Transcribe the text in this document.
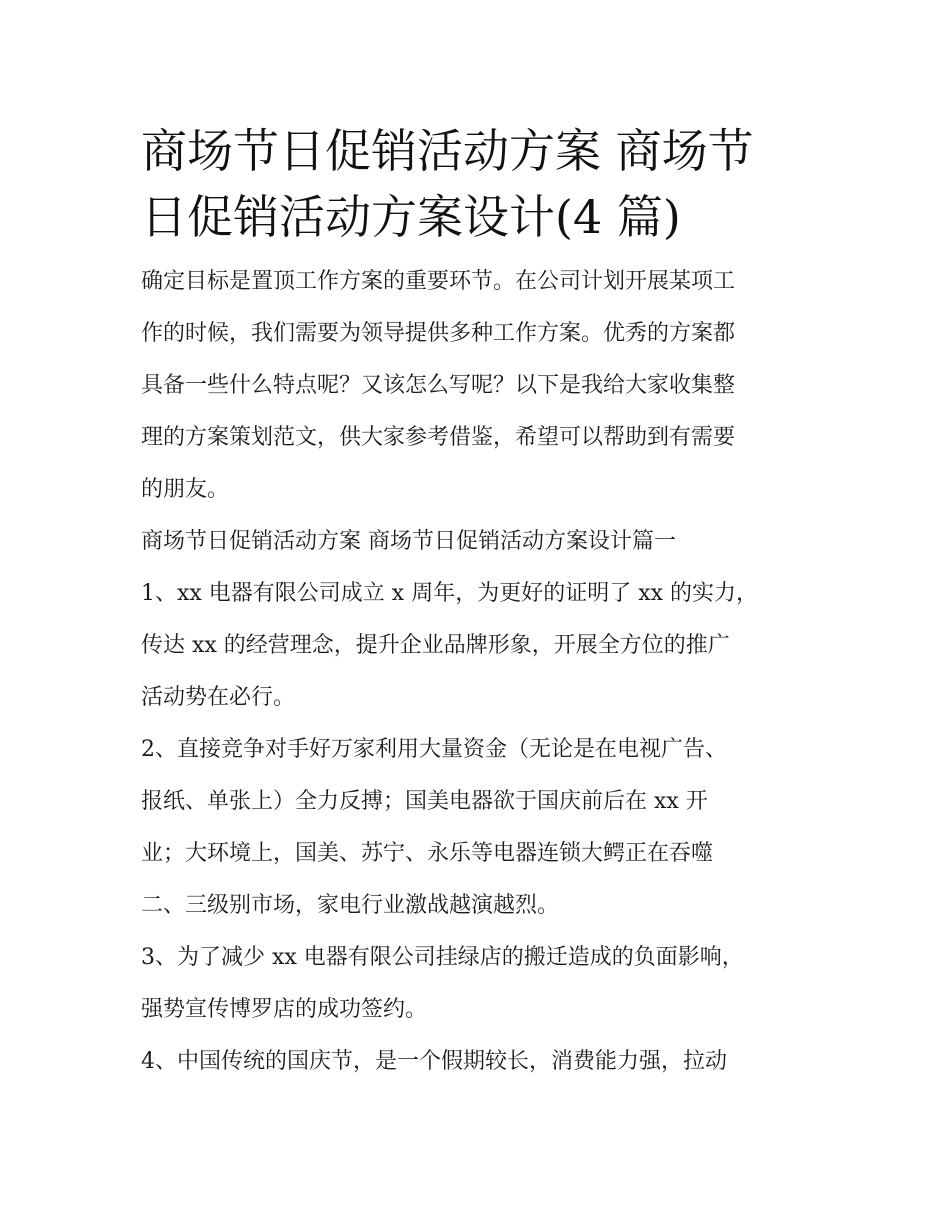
商场节日促销活动方案 商场节
日促销活动方案设计(4 篇)

确定目标是置顶工作方案的重要环节。在公司计划开展某项工
作的时候，我们需要为领导提供多种工作方案。优秀的方案都
具备一些什么特点呢？又该怎么写呢？以下是我给大家收集整
理的方案策划范文，供大家参考借鉴，希望可以帮助到有需要
的朋友。

商场节日促销活动方案 商场节日促销活动方案设计篇一

1、xx 电器有限公司成立 x 周年，为更好的证明了 xx 的实力，
传达 xx 的经营理念，提升企业品牌形象，开展全方位的推广
活动势在必行。

2、直接竞争对手好万家利用大量资金（无论是在电视广告、
报纸、单张上）全力反搏；国美电器欲于国庆前后在 xx 开
业；大环境上，国美、苏宁、永乐等电器连锁大鳄正在吞噬
二、三级别市场，家电行业激战越演越烈。

3、为了减少 xx 电器有限公司挂绿店的搬迁造成的负面影响，
强势宣传博罗店的成功签约。

4、中国传统的国庆节，是一个假期较长，消费能力强，拉动
